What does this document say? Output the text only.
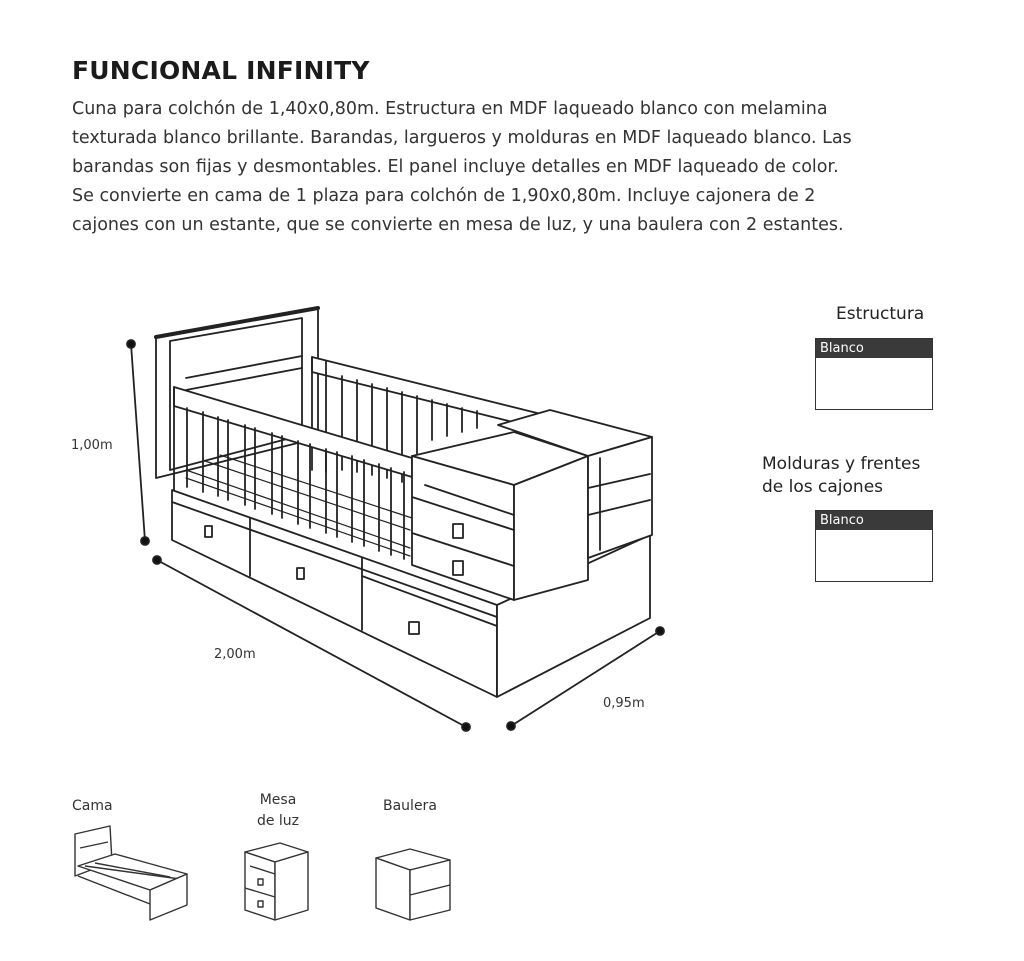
FUNCIONAL INFINITY
Cuna para colchón de 1,40x0,80m. Estructura en MDF laqueado blanco con melamina
texturada blanco brillante. Barandas, largueros y molduras en MDF laqueado blanco. Las
barandas son fijas y desmontables. El panel incluye detalles en MDF laqueado de color.
Se convierte en cama de 1 plaza para colchón de 1,90x0,80m. Incluye cajonera de 2
cajones con un estante, que se convierte en mesa de luz, y una baulera con 2 estantes.
1,00m
2,00m
0,95m
Estructura
Blanco
Molduras y frentes
de los cajones
Blanco
Cama	Mesa
de luz
Baulera
